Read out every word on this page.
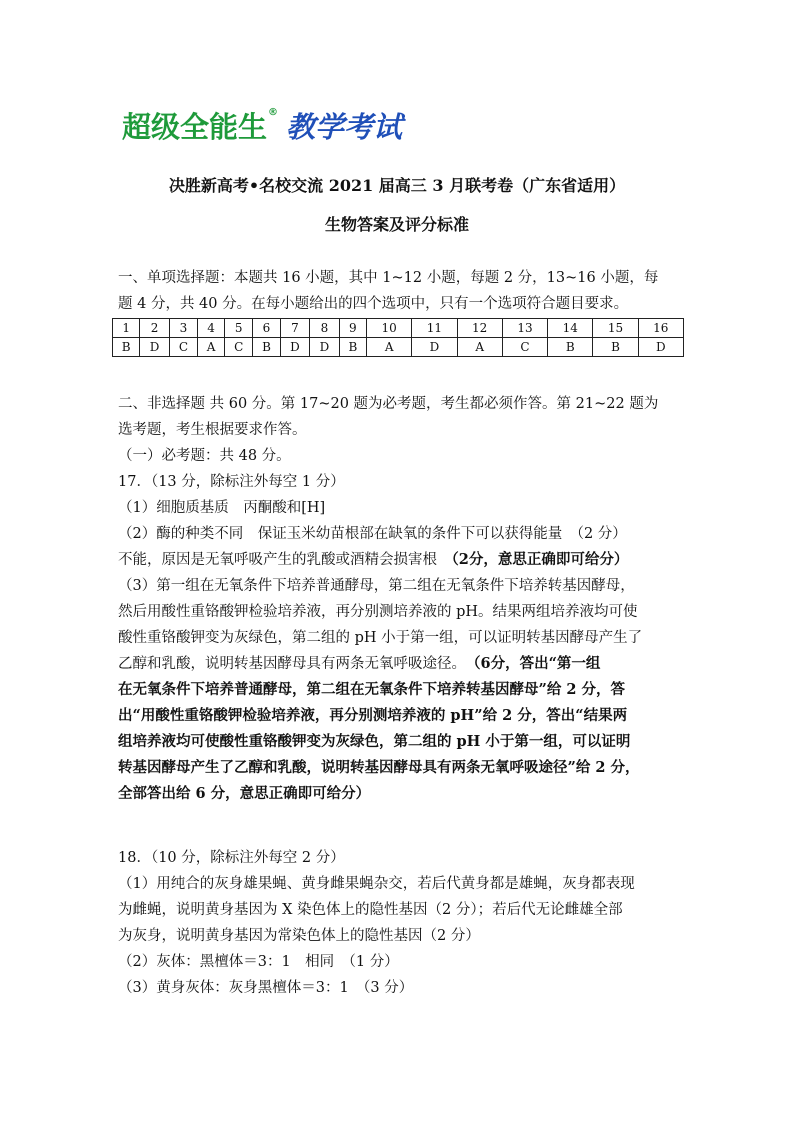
超级全能生 ® 教学考试
决胜新高考•名校交流 2021 届高三 3 月联考卷（广东省适用）
生物答案及评分标准
一、单项选择题：本题共 16 小题，其中 1~12 小题，每题 2 分，13~16 小题，每
题 4 分，共 40 分。在每小题给出的四个选项中，只有一个选项符合题目要求。
1	2	3	4	5	6	7	8	9	10	11	12	13	14	15	16
B	D	C	A	C	B	D	D	B	A	D	A	C	B	B	D
二、非选择题 共 60 分。第 17~20 题为必考题，考生都必须作答。第 21~22 题为
选考题，考生根据要求作答。
（一）必考题：共 48 分。
17．（13 分，除标注外每空 1 分）
（1）细胞质基质　丙酮酸和[H]
（2）酶的种类不同　保证玉米幼苗根部在缺氧的条件下可以获得能量　（2 分）
不能，原因是无氧呼吸产生的乳酸或酒精会损害根　（2分，意思正确即可给分）
（3）第一组在无氧条件下培养普通酵母，第二组在无氧条件下培养转基因酵母，
然后用酸性重铬酸钾检验培养液，再分别测培养液的 pH。结果两组培养液均可使
酸性重铬酸钾变为灰绿色，第二组的 pH 小于第一组，可以证明转基因酵母产生了
乙醇和乳酸，说明转基因酵母具有两条无氧呼吸途径。　（6分，答出“第一组
在无氧条件下培养普通酵母，第二组在无氧条件下培养转基因酵母”给 2 分，答
出“用酸性重铬酸钾检验培养液，再分别测培养液的 pH”给 2 分，答出“结果两
组培养液均可使酸性重铬酸钾变为灰绿色，第二组的 pH 小于第一组，可以证明
转基因酵母产生了乙醇和乳酸，说明转基因酵母具有两条无氧呼吸途径”给 2 分，
全部答出给 6 分，意思正确即可给分）
18．（10 分，除标注外每空 2 分）
（1）用纯合的灰身雄果蝇、黄身雌果蝇杂交，若后代黄身都是雄蝇，灰身都表现
为雌蝇，说明黄身基因为 X 染色体上的隐性基因（2 分）；若后代无论雌雄全部
为灰身，说明黄身基因为常染色体上的隐性基因（2 分）
（2）灰体：黑檀体＝3：1　相同　（1 分）
（3）黄身灰体：灰身黑檀体＝3：1　（3 分）
